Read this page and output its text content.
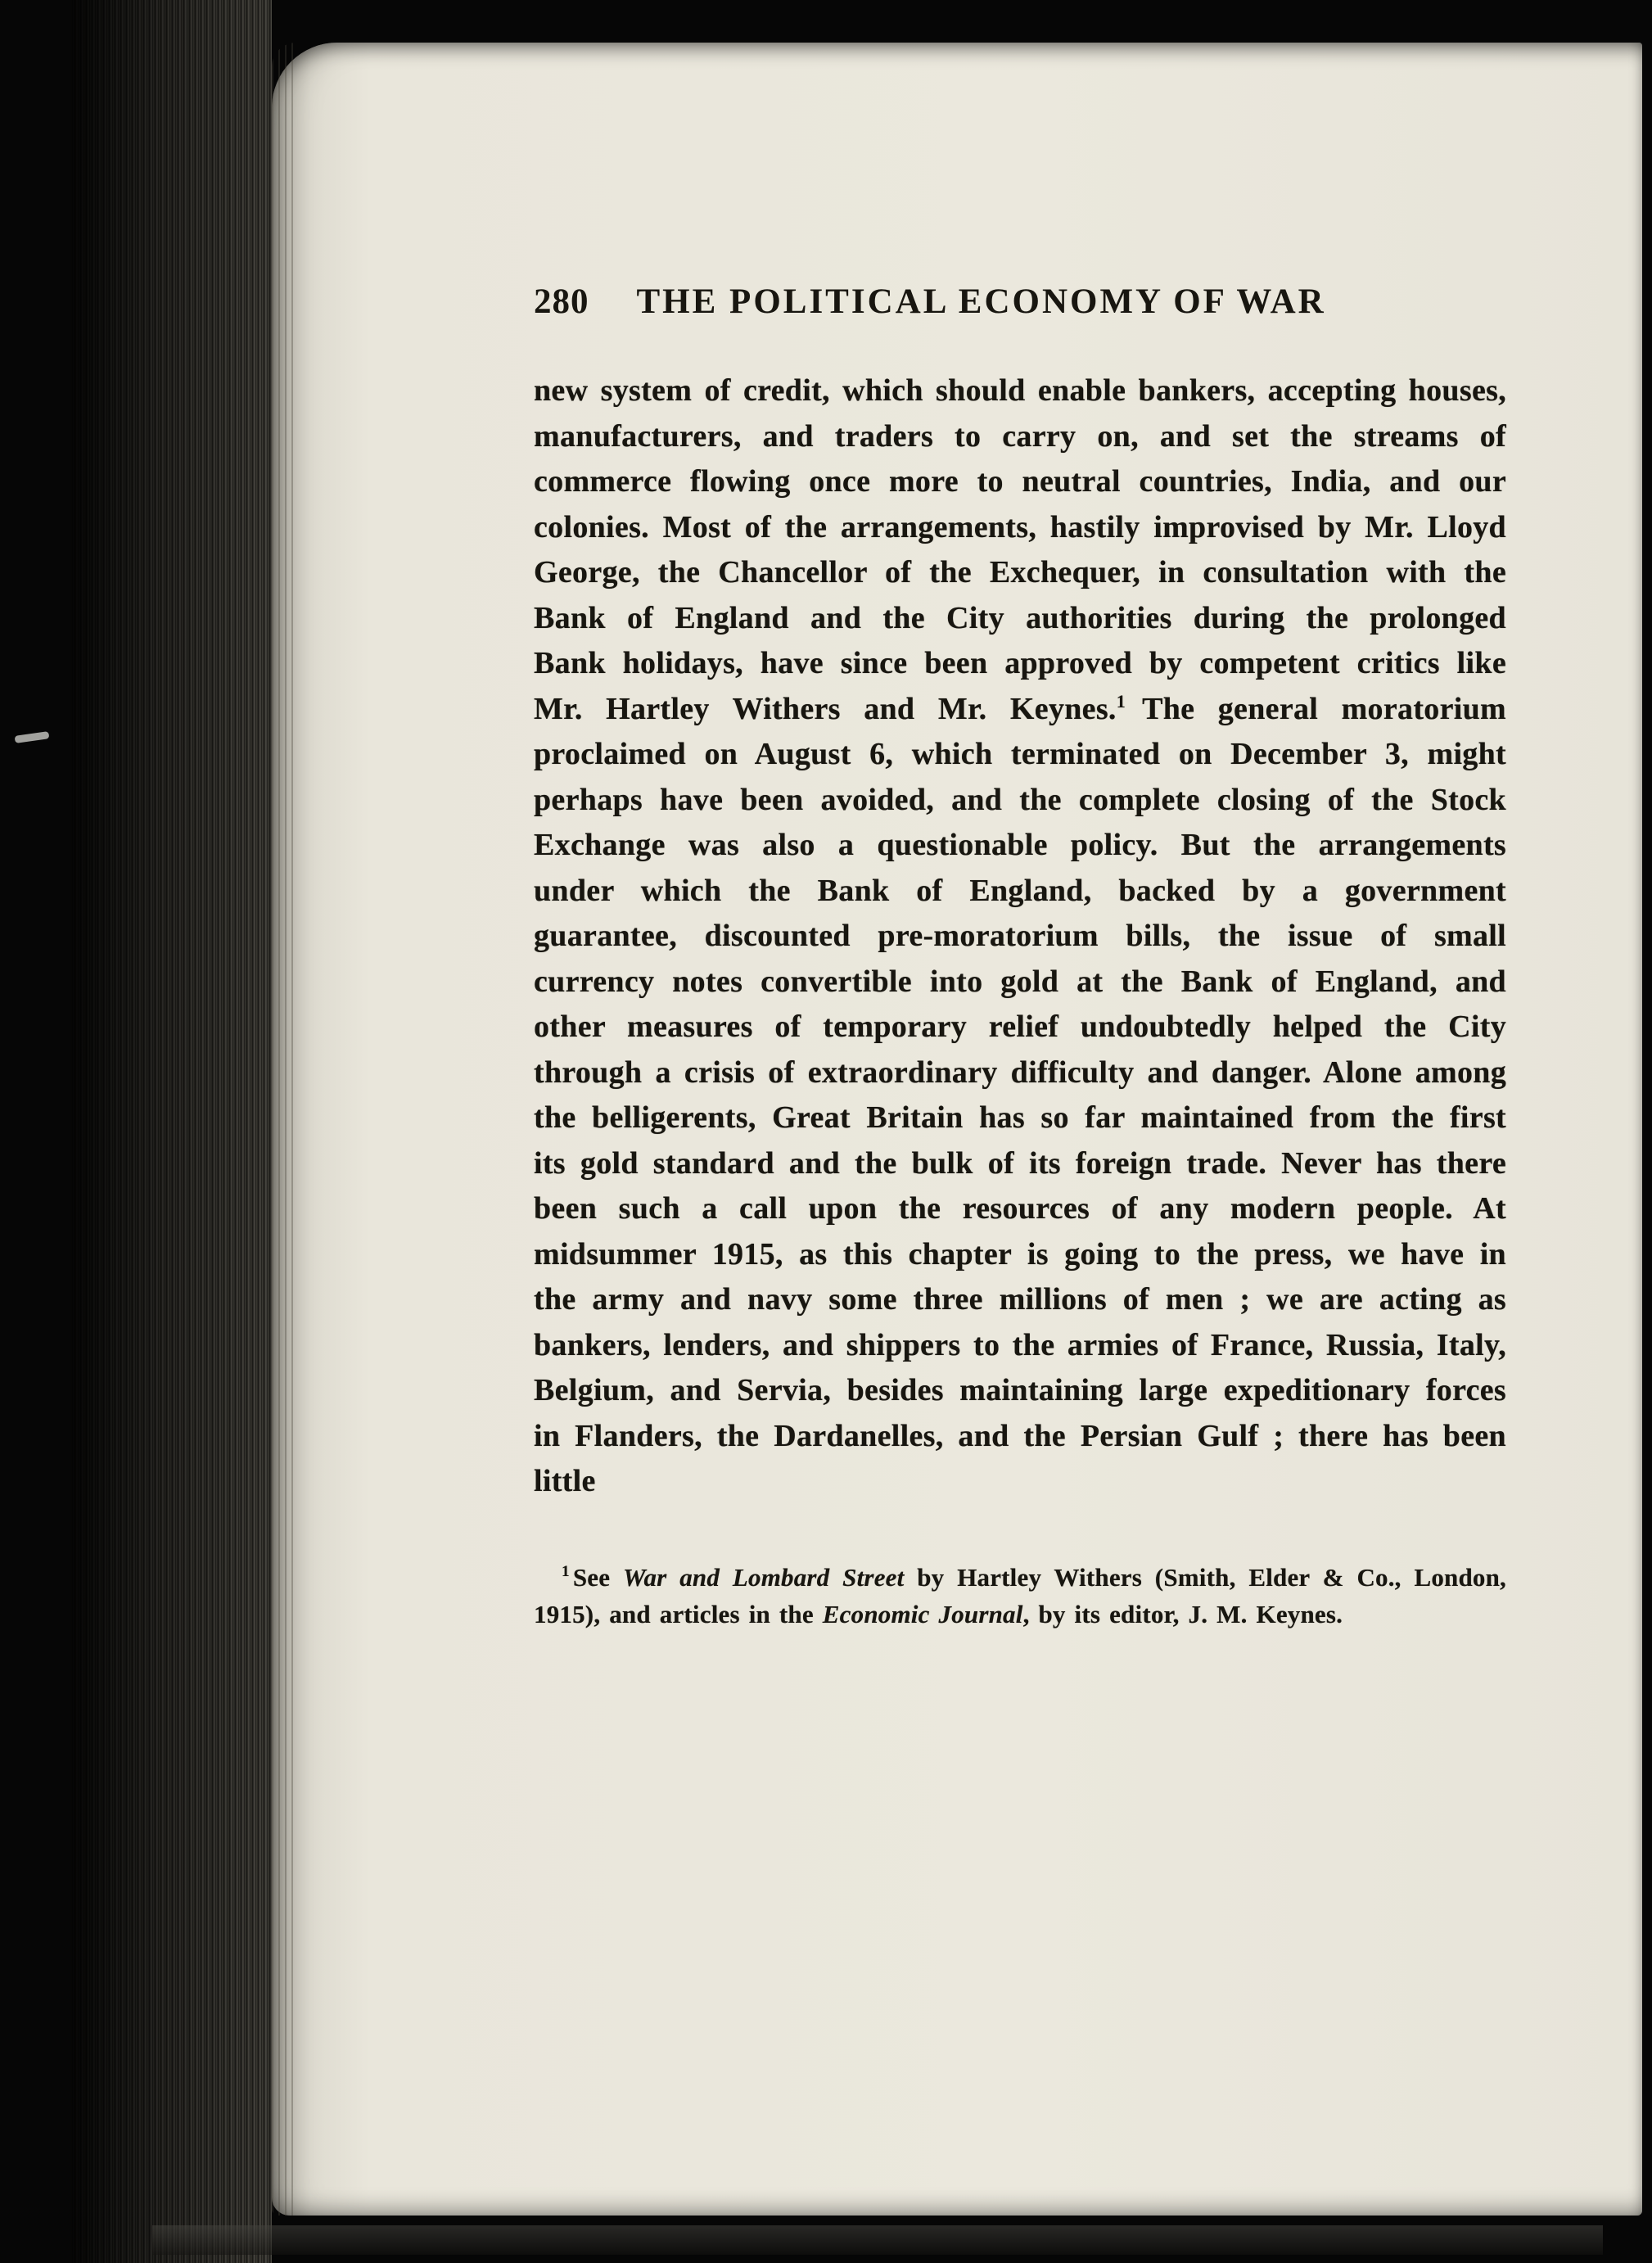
280 THE POLITICAL ECONOMY OF WAR

new system of credit, which should enable bankers, accepting houses, manufacturers, and traders to carry on, and set the streams of commerce flowing once more to neutral countries, India, and our colonies. Most of the arrangements, hastily improvised by Mr. Lloyd George, the Chancellor of the Exchequer, in consultation with the Bank of England and the City authorities during the prolonged Bank holidays, have since been approved by competent critics like Mr. Hartley Withers and Mr. Keynes.$^1$ The general moratorium proclaimed on August 6, which terminated on December 3, might perhaps have been avoided, and the complete closing of the Stock Exchange was also a questionable policy. But the arrangements under which the Bank of England, backed by a government guarantee, discounted pre-moratorium bills, the issue of small currency notes convertible into gold at the Bank of England, and other measures of temporary relief undoubtedly helped the City through a crisis of extraordinary difficulty and danger. Alone among the belligerents, Great Britain has so far maintained from the first its gold standard and the bulk of its foreign trade. Never has there been such a call upon the resources of any modern people. At midsummer 1915, as this chapter is going to the press, we have in the army and navy some three millions of men ; we are acting as bankers, lenders, and shippers to the armies of France, Russia, Italy, Belgium, and Servia, besides maintaining large expeditionary forces in Flanders, the Dardanelles, and the Persian Gulf ; there has been little

$^1$ See War and Lombard Street by Hartley Withers (Smith, Elder & Co., London, 1915), and articles in the Economic Journal, by its editor, J. M. Keynes.
